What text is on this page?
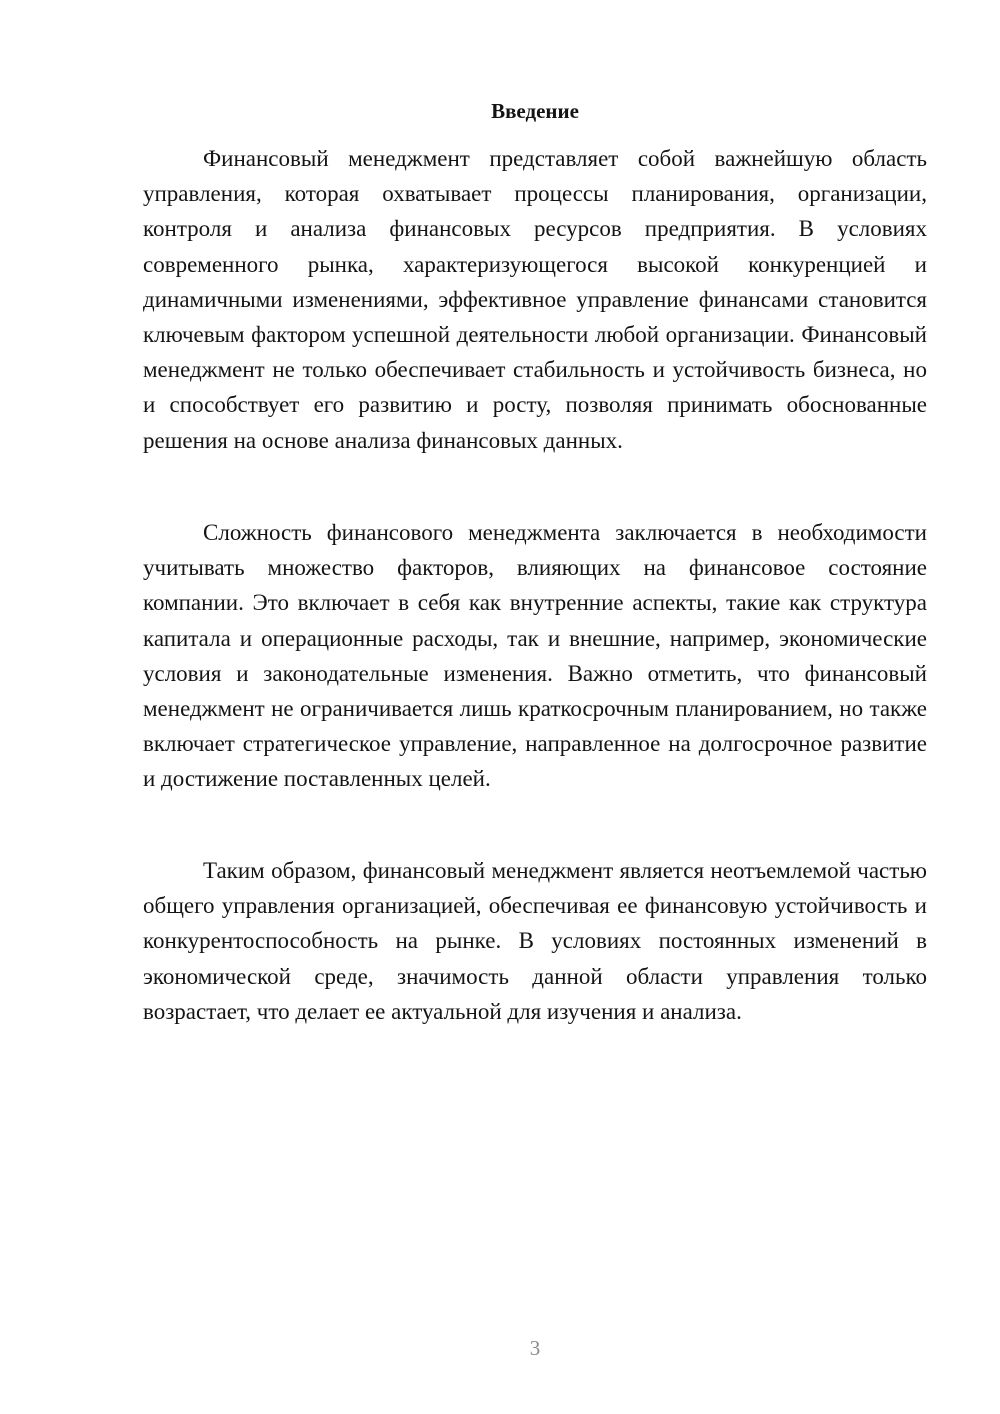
Введение

Финансовый менеджмент представляет собой важнейшую область управления, которая охватывает процессы планирования, организации, контроля и анализа финансовых ресурсов предприятия. В условиях современного рынка, характеризующегося высокой конкуренцией и динамичными изменениями, эффективное управление финансами становится ключевым фактором успешной деятельности любой организации. Финансовый менеджмент не только обеспечивает стабильность и устойчивость бизнеса, но и способствует его развитию и росту, позволяя принимать обоснованные решения на основе анализа финансовых данных.

Сложность финансового менеджмента заключается в необходимости учитывать множество факторов, влияющих на финансовое состояние компании. Это включает в себя как внутренние аспекты, такие как структура капитала и операционные расходы, так и внешние, например, экономические условия и законодательные изменения. Важно отметить, что финансовый менеджмент не ограничивается лишь краткосрочным планированием, но также включает стратегическое управление, направленное на долгосрочное развитие и достижение поставленных целей.

Таким образом, финансовый менеджмент является неотъемлемой частью общего управления организацией, обеспечивая ее финансовую устойчивость и конкурентоспособность на рынке. В условиях постоянных изменений в экономической среде, значимость данной области управления только возрастает, что делает ее актуальной для изучения и анализа.

3
